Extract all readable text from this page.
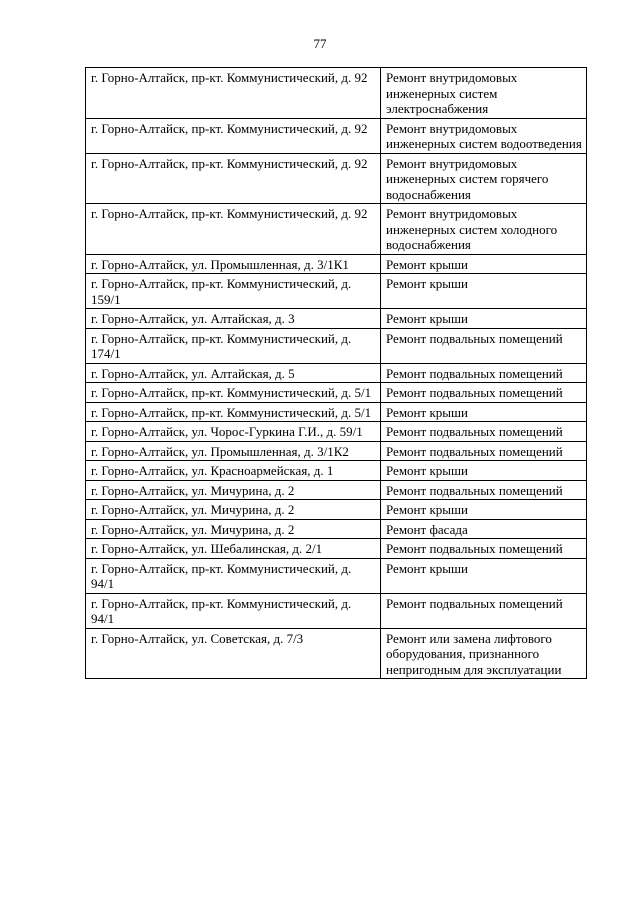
77
г. Горно-Алтайск, пр-кт. Коммунистический, д. 92	Ремонт внутридомовых инженерных систем электроснабжения
г. Горно-Алтайск, пр-кт. Коммунистический, д. 92	Ремонт внутридомовых инженерных систем водоотведения
г. Горно-Алтайск, пр-кт. Коммунистический, д. 92	Ремонт внутридомовых инженерных систем горячего водоснабжения
г. Горно-Алтайск, пр-кт. Коммунистический, д. 92	Ремонт внутридомовых инженерных систем холодного водоснабжения
г. Горно-Алтайск, ул. Промышленная, д. 3/1К1	Ремонт крыши
г. Горно-Алтайск, пр-кт. Коммунистический, д. 159/1	Ремонт крыши
г. Горно-Алтайск, ул. Алтайская, д. 3	Ремонт крыши
г. Горно-Алтайск, пр-кт. Коммунистический, д. 174/1	Ремонт подвальных помещений
г. Горно-Алтайск, ул. Алтайская, д. 5	Ремонт подвальных помещений
г. Горно-Алтайск, пр-кт. Коммунистический, д. 5/1	Ремонт подвальных помещений
г. Горно-Алтайск, пр-кт. Коммунистический, д. 5/1	Ремонт крыши
г. Горно-Алтайск, ул. Чорос-Гуркина Г.И., д. 59/1	Ремонт подвальных помещений
г. Горно-Алтайск, ул. Промышленная, д. 3/1К2	Ремонт подвальных помещений
г. Горно-Алтайск, ул. Красноармейская, д. 1	Ремонт крыши
г. Горно-Алтайск, ул. Мичурина, д. 2	Ремонт подвальных помещений
г. Горно-Алтайск, ул. Мичурина, д. 2	Ремонт крыши
г. Горно-Алтайск, ул. Мичурина, д. 2	Ремонт фасада
г. Горно-Алтайск, ул. Шебалинская, д. 2/1	Ремонт подвальных помещений
г. Горно-Алтайск, пр-кт. Коммунистический, д. 94/1	Ремонт крыши
г. Горно-Алтайск, пр-кт. Коммунистический, д. 94/1	Ремонт подвальных помещений
г. Горно-Алтайск, ул. Советская, д. 7/3	Ремонт или замена лифтового оборудования, признанного непригодным для эксплуатации
